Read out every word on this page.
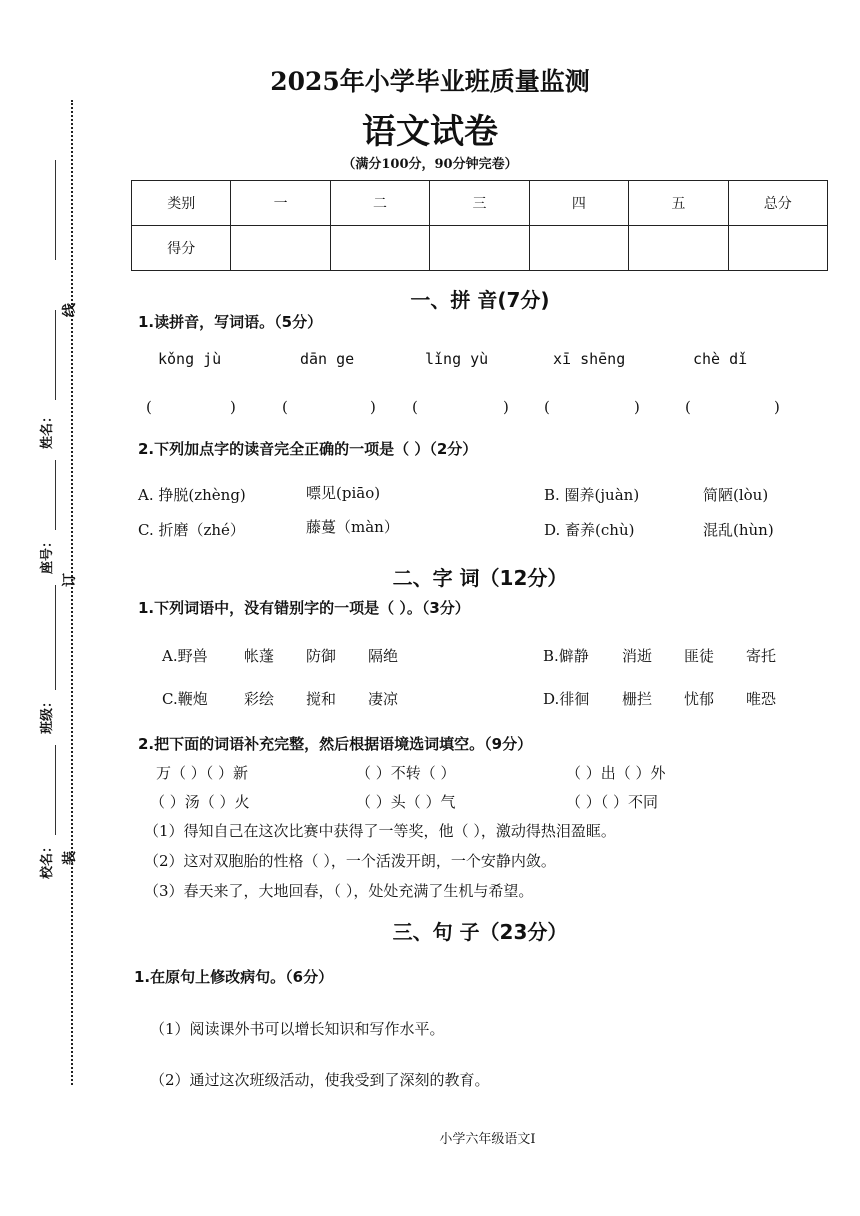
线
订
装
姓名：
座号：
班级：
校名：
2025年小学毕业班质量监测
语文试卷
（满分100分，90分钟完卷）
类别	一	二	三	四	五	总分
得分						
一、拼 音(7分)
1.读拼音，写词语。（5分）
kǒng jù	dān ge	lǐng yù	xī shēng	chè dǐ
(	)	(	) (	) (	)	(	)
2.下列加点字的读音完全正确的一项是（ ）（2分）
A. 挣脱(zhèng)	嘌见(piāo)	B. 圈养(juàn)	简陋(lòu)
C. 折磨（zhé）	藤蔓（màn）	D. 畜养(chù)	混乱(hùn)
二、字 词（12分）
1.下列词语中，没有错别字的一项是（ ）。（3分）
A.野兽 帐蓬 防御 隔绝	B.僻静 消逝 匪徒 寄托
C.鞭炮 彩绘 搅和 凄凉	D.徘徊 栅拦 忧郁 唯恐
2.把下面的词语补充完整，然后根据语境选词填空。（9分）
万（ ）（ ）新	（ ）不转（ ）	（ ）出（ ）外
（ ）汤（ ）火	（ ）头（ ）气	（ ）（ ）不同
（1）得知自己在这次比赛中获得了一等奖，他（ ），激动得热泪盈眶。
（2）这对双胞胎的性格（ ），一个活泼开朗，一个安静内敛。
（3）春天来了，大地回春，（ ），处处充满了生机与希望。
三、句 子（23分）
1.在原句上修改病句。（6分）
（1）阅读课外书可以增长知识和写作水平。
（2）通过这次班级活动，使我受到了深刻的教育。
小学六年级语文Ⅰ
